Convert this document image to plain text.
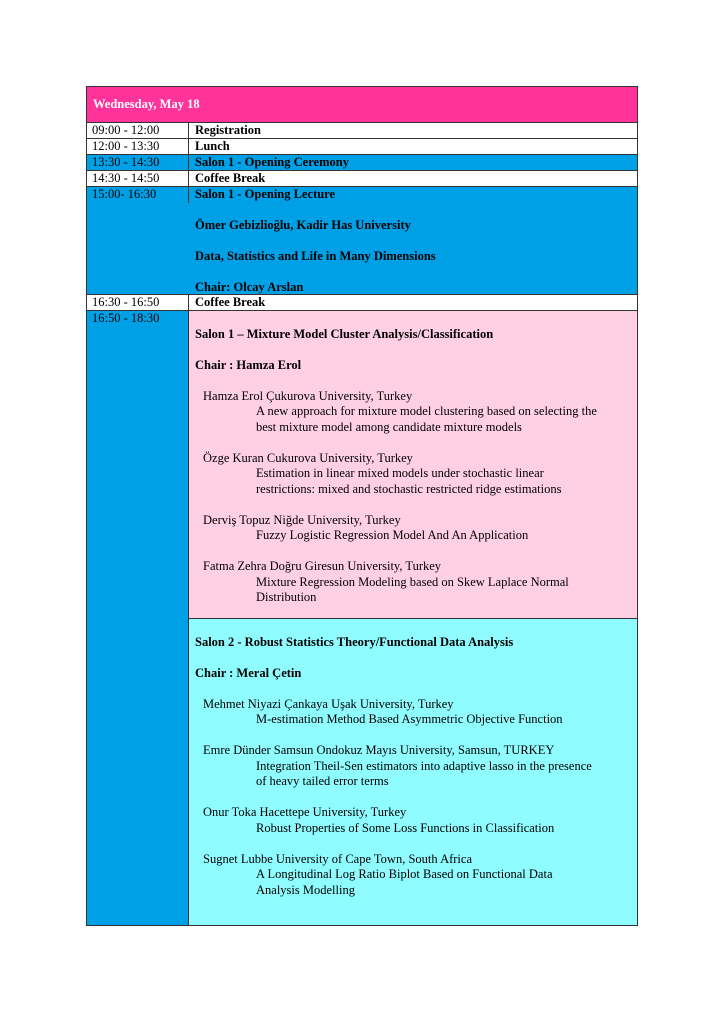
Wednesday, May 18
09:00 - 12:00	Registration
12:00 - 13:30	Lunch
13:30 - 14:30	Salon 1 - Opening Ceremony
14:30 - 14:50	Coffee Break
15:00- 16:30	Salon 1 - Opening Lecture
Ömer Gebizlioğlu, Kadir Has University
Data, Statistics and Life in Many Dimensions
Chair: Olcay Arslan
16:30 - 16:50	Coffee Break
16:50 - 18:30
Salon 1 – Mixture Model Cluster Analysis/Classification
Chair : Hamza Erol
Hamza Erol Çukurova University, Turkey
A new approach for mixture model clustering based on selecting the
best mixture model among candidate mixture models
Özge Kuran Cukurova University, Turkey
Estimation in linear mixed models under stochastic linear
restrictions: mixed and stochastic restricted ridge estimations
Derviş Topuz Niğde University, Turkey
Fuzzy Logistic Regression Model And An Application
Fatma Zehra Doğru Giresun University, Turkey
Mixture Regression Modeling based on Skew Laplace Normal
Distribution
Salon 2 - Robust Statistics Theory/Functional Data Analysis
Chair : Meral Çetin
Mehmet Niyazi Çankaya Uşak University, Turkey
M-estimation Method Based Asymmetric Objective Function
Emre Dünder Samsun Ondokuz Mayıs University, Samsun, TURKEY
Integration Theil-Sen estimators into adaptive lasso in the presence
of heavy tailed error terms
Onur Toka Hacettepe University, Turkey
Robust Properties of Some Loss Functions in Classification
Sugnet Lubbe University of Cape Town, South Africa
A Longitudinal Log Ratio Biplot Based on Functional Data
Analysis Modelling
